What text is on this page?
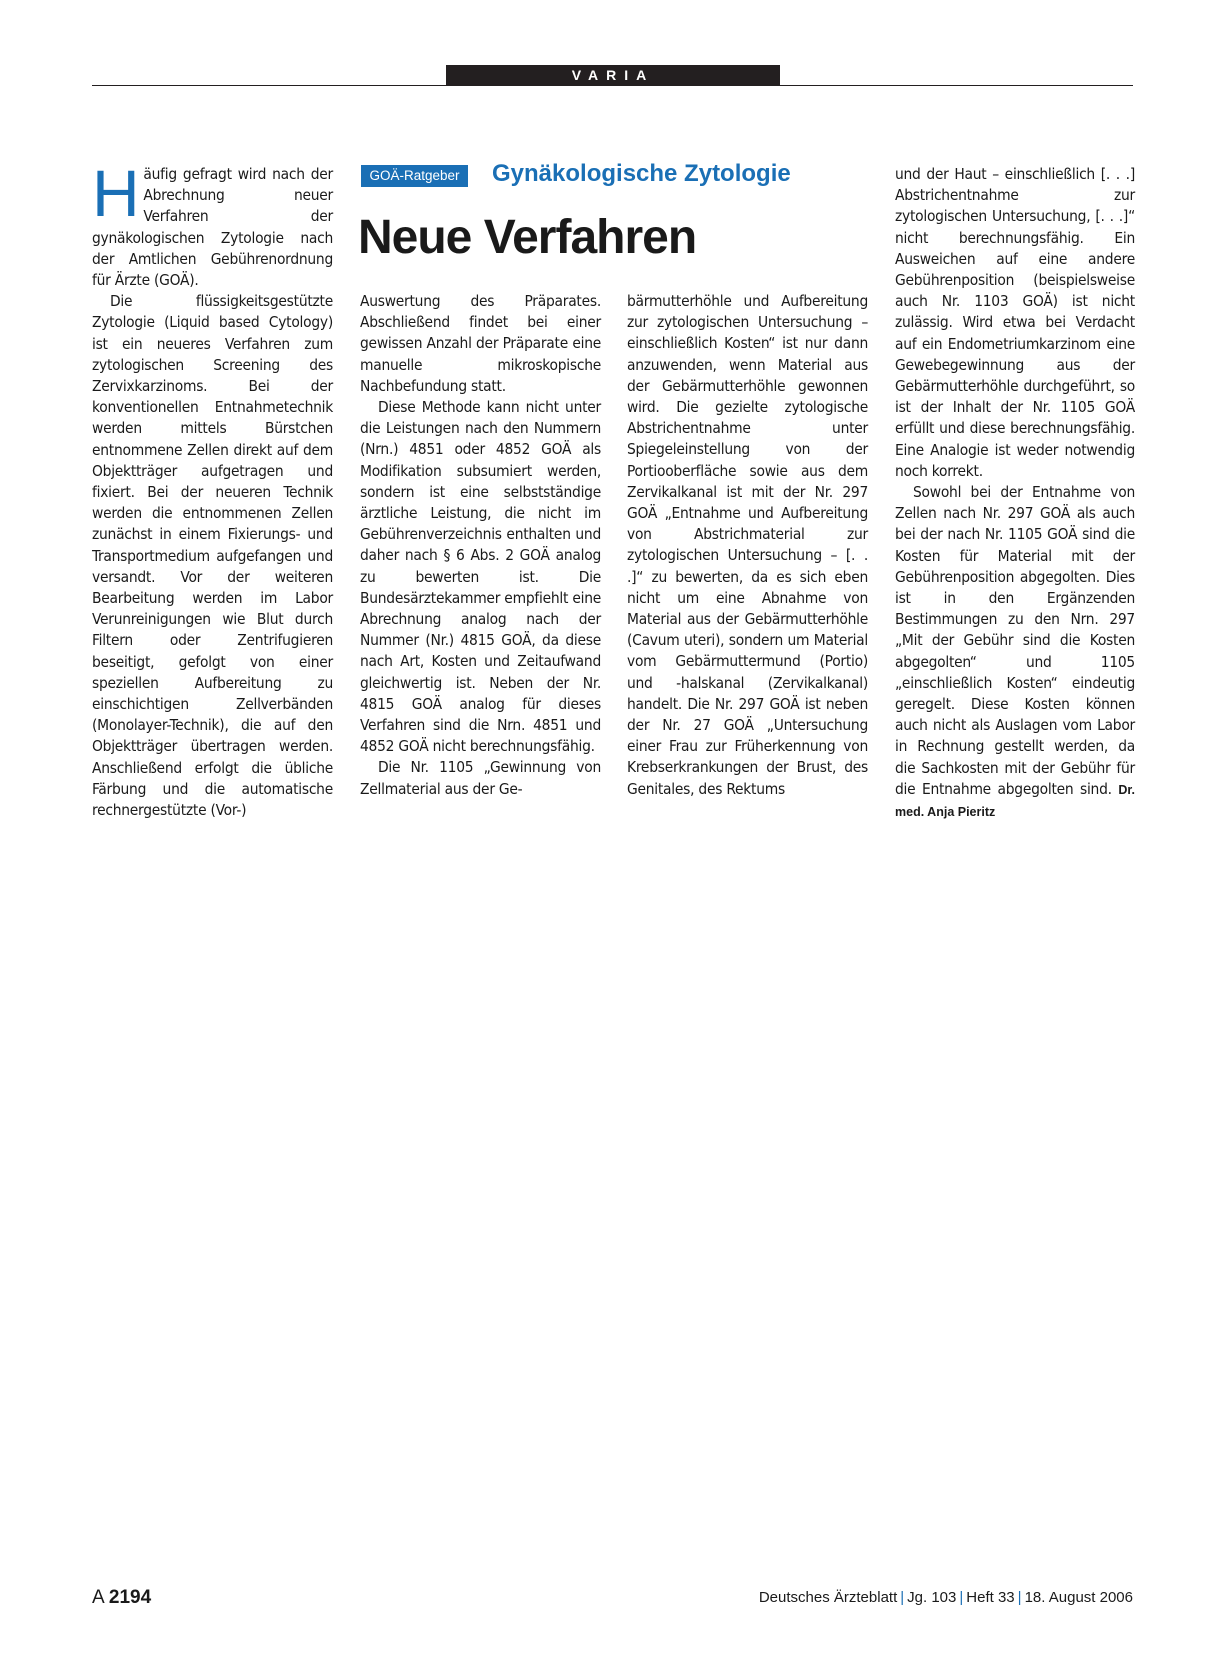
VARIA
GOÄ-Ratgeber	Gynäkologische Zytologie
Neue Verfahren

Häufig gefragt wird nach der Abrechnung neuer Verfahren der gynäkologischen Zytologie nach der Amtlichen Gebührenordnung für Ärzte (GOÄ).

Die flüssigkeitsgestützte Zytologie (Liquid based Cytology) ist ein neueres Verfahren zum zytologischen Screening des Zervixkarzinoms. Bei der konventionellen Entnahmetechnik werden mittels Bürstchen entnommene Zellen direkt auf dem Objektträger aufgetragen und fixiert. Bei der neueren Technik werden die entnommenen Zellen zunächst in einem Fixierungs- und Transportmedium aufgefangen und versandt. Vor der weiteren Bearbeitung werden im Labor Verunreinigungen wie Blut durch Filtern oder Zentrifugieren beseitigt, gefolgt von einer speziellen Aufbereitung zu einschichtigen Zellverbänden (Monolayer-Technik), die auf den Objektträger übertragen werden. Anschließend erfolgt die übliche Färbung und die automatische rechnergestützte (Vor-)

Auswertung des Präparates. Abschließend findet bei einer gewissen Anzahl der Präparate eine manuelle mikroskopische Nachbefundung statt.

Diese Methode kann nicht unter die Leistungen nach den Nummern (Nrn.) 4851 oder 4852 GOÄ als Modifikation subsumiert werden, sondern ist eine selbstständige ärztliche Leistung, die nicht im Gebührenverzeichnis enthalten und daher nach § 6 Abs. 2 GOÄ analog zu bewerten ist. Die Bundesärztekammer empfiehlt eine Abrechnung analog nach der Nummer (Nr.) 4815 GOÄ, da diese nach Art, Kosten und Zeitaufwand gleichwertig ist. Neben der Nr. 4815 GOÄ analog für dieses Verfahren sind die Nrn. 4851 und 4852 GOÄ nicht berechnungsfähig.

Die Nr. 1105 „Gewinnung von Zellmaterial aus der Ge-

bärmutterhöhle und Aufbereitung zur zytologischen Untersuchung – einschließlich Kosten“ ist nur dann anzuwenden, wenn Material aus der Gebärmutterhöhle gewonnen wird. Die gezielte zytologische Abstrichentnahme unter Spiegeleinstellung von der Portiooberfläche sowie aus dem Zervikalkanal ist mit der Nr. 297 GOÄ „Entnahme und Aufbereitung von Abstrichmaterial zur zytologischen Untersuchung – [. . .]“ zu bewerten, da es sich eben nicht um eine Abnahme von Material aus der Gebärmutterhöhle (Cavum uteri), sondern um Material vom Gebärmuttermund (Portio) und -halskanal (Zervikalkanal) handelt. Die Nr. 297 GOÄ ist neben der Nr. 27 GOÄ „Untersuchung einer Frau zur Früherkennung von Krebserkrankungen der Brust, des Genitales, des Rektums

und der Haut – einschließlich [. . .] Abstrichentnahme zur zytologischen Untersuchung, [. . .]“ nicht berechnungsfähig. Ein Ausweichen auf eine andere Gebührenposition (beispielsweise auch Nr. 1103 GOÄ) ist nicht zulässig. Wird etwa bei Verdacht auf ein Endometriumkarzinom eine Gewebegewinnung aus der Gebärmutterhöhle durchgeführt, so ist der Inhalt der Nr. 1105 GOÄ erfüllt und diese berechnungsfähig. Eine Analogie ist weder notwendig noch korrekt.

Sowohl bei der Entnahme von Zellen nach Nr. 297 GOÄ als auch bei der nach Nr. 1105 GOÄ sind die Kosten für Material mit der Gebührenposition abgegolten. Dies ist in den Ergänzenden Bestimmungen zu den Nrn. 297 „Mit der Gebühr sind die Kosten abgegolten“ und 1105 „einschließlich Kosten“ eindeutig geregelt. Diese Kosten können auch nicht als Auslagen vom Labor in Rechnung gestellt werden, da die Sachkosten mit der Gebühr für die Entnahme abgegolten sind. Dr. med. Anja Pieritz

A 2194	Deutsches Ärzteblatt | Jg. 103 | Heft 33 | 18. August 2006
